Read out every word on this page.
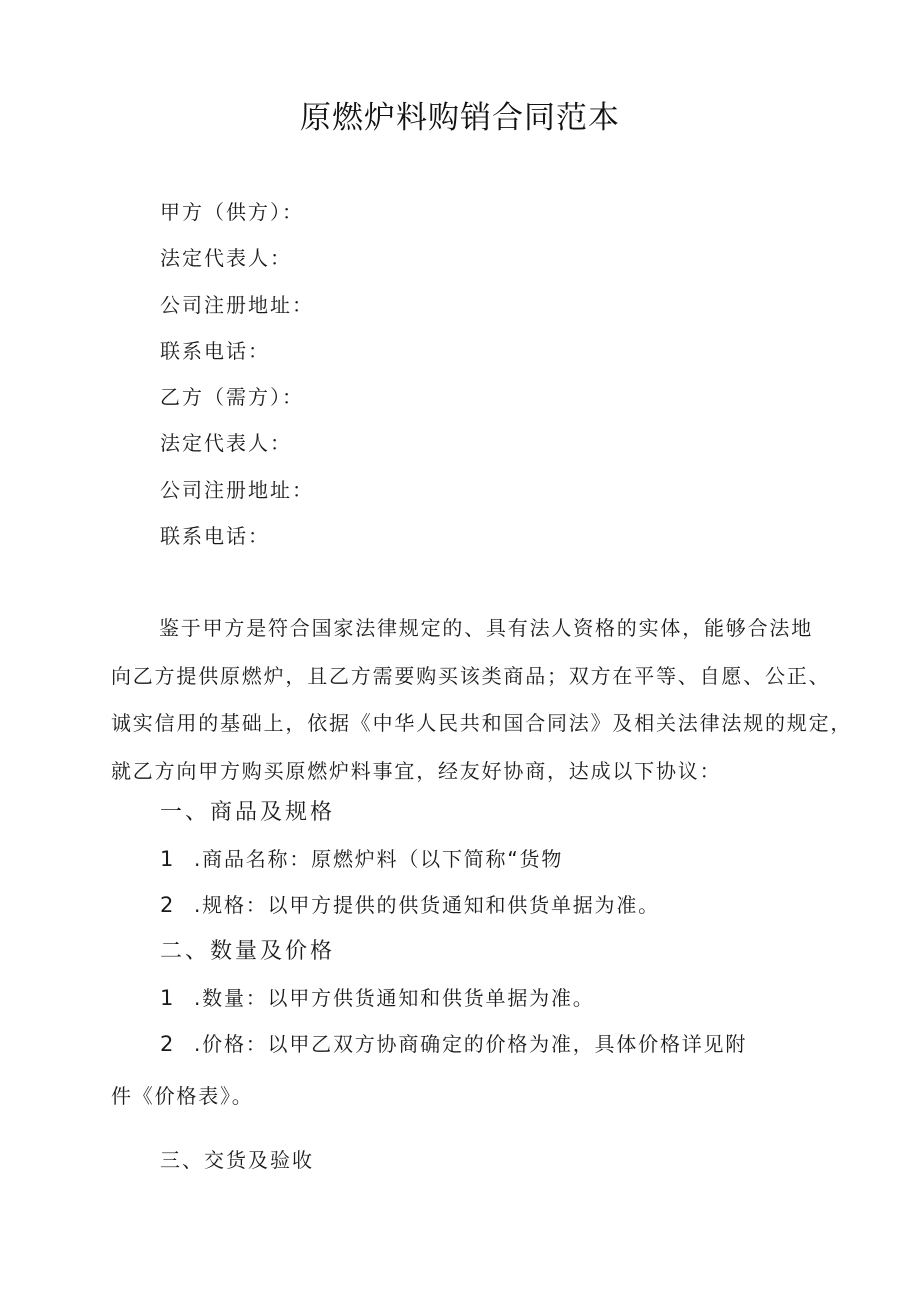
原燃炉料购销合同范本
甲方（供方）：
法定代表人：
公司注册地址：
联系电话：
乙方（需方）：
法定代表人：
公司注册地址：
联系电话：

鉴于甲方是符合国家法律规定的、具有法人资格的实体，能够合法地
向乙方提供原燃炉，且乙方需要购买该类商品；双方在平等、自愿、公正、
诚实信用的基础上，依据《中华人民共和国合同法》及相关法律法规的规定，
就乙方向甲方购买原燃炉料事宜，经友好协商，达成以下协议：

一、商品及规格
1 .商品名称：原燃炉料（以下简称“货物
2 .规格：以甲方提供的供货通知和供货单据为准。
二、数量及价格
1 .数量：以甲方供货通知和供货单据为准。
2 .价格：以甲乙双方协商确定的价格为准，具体价格详见附
件《价格表》。
三、交货及验收
